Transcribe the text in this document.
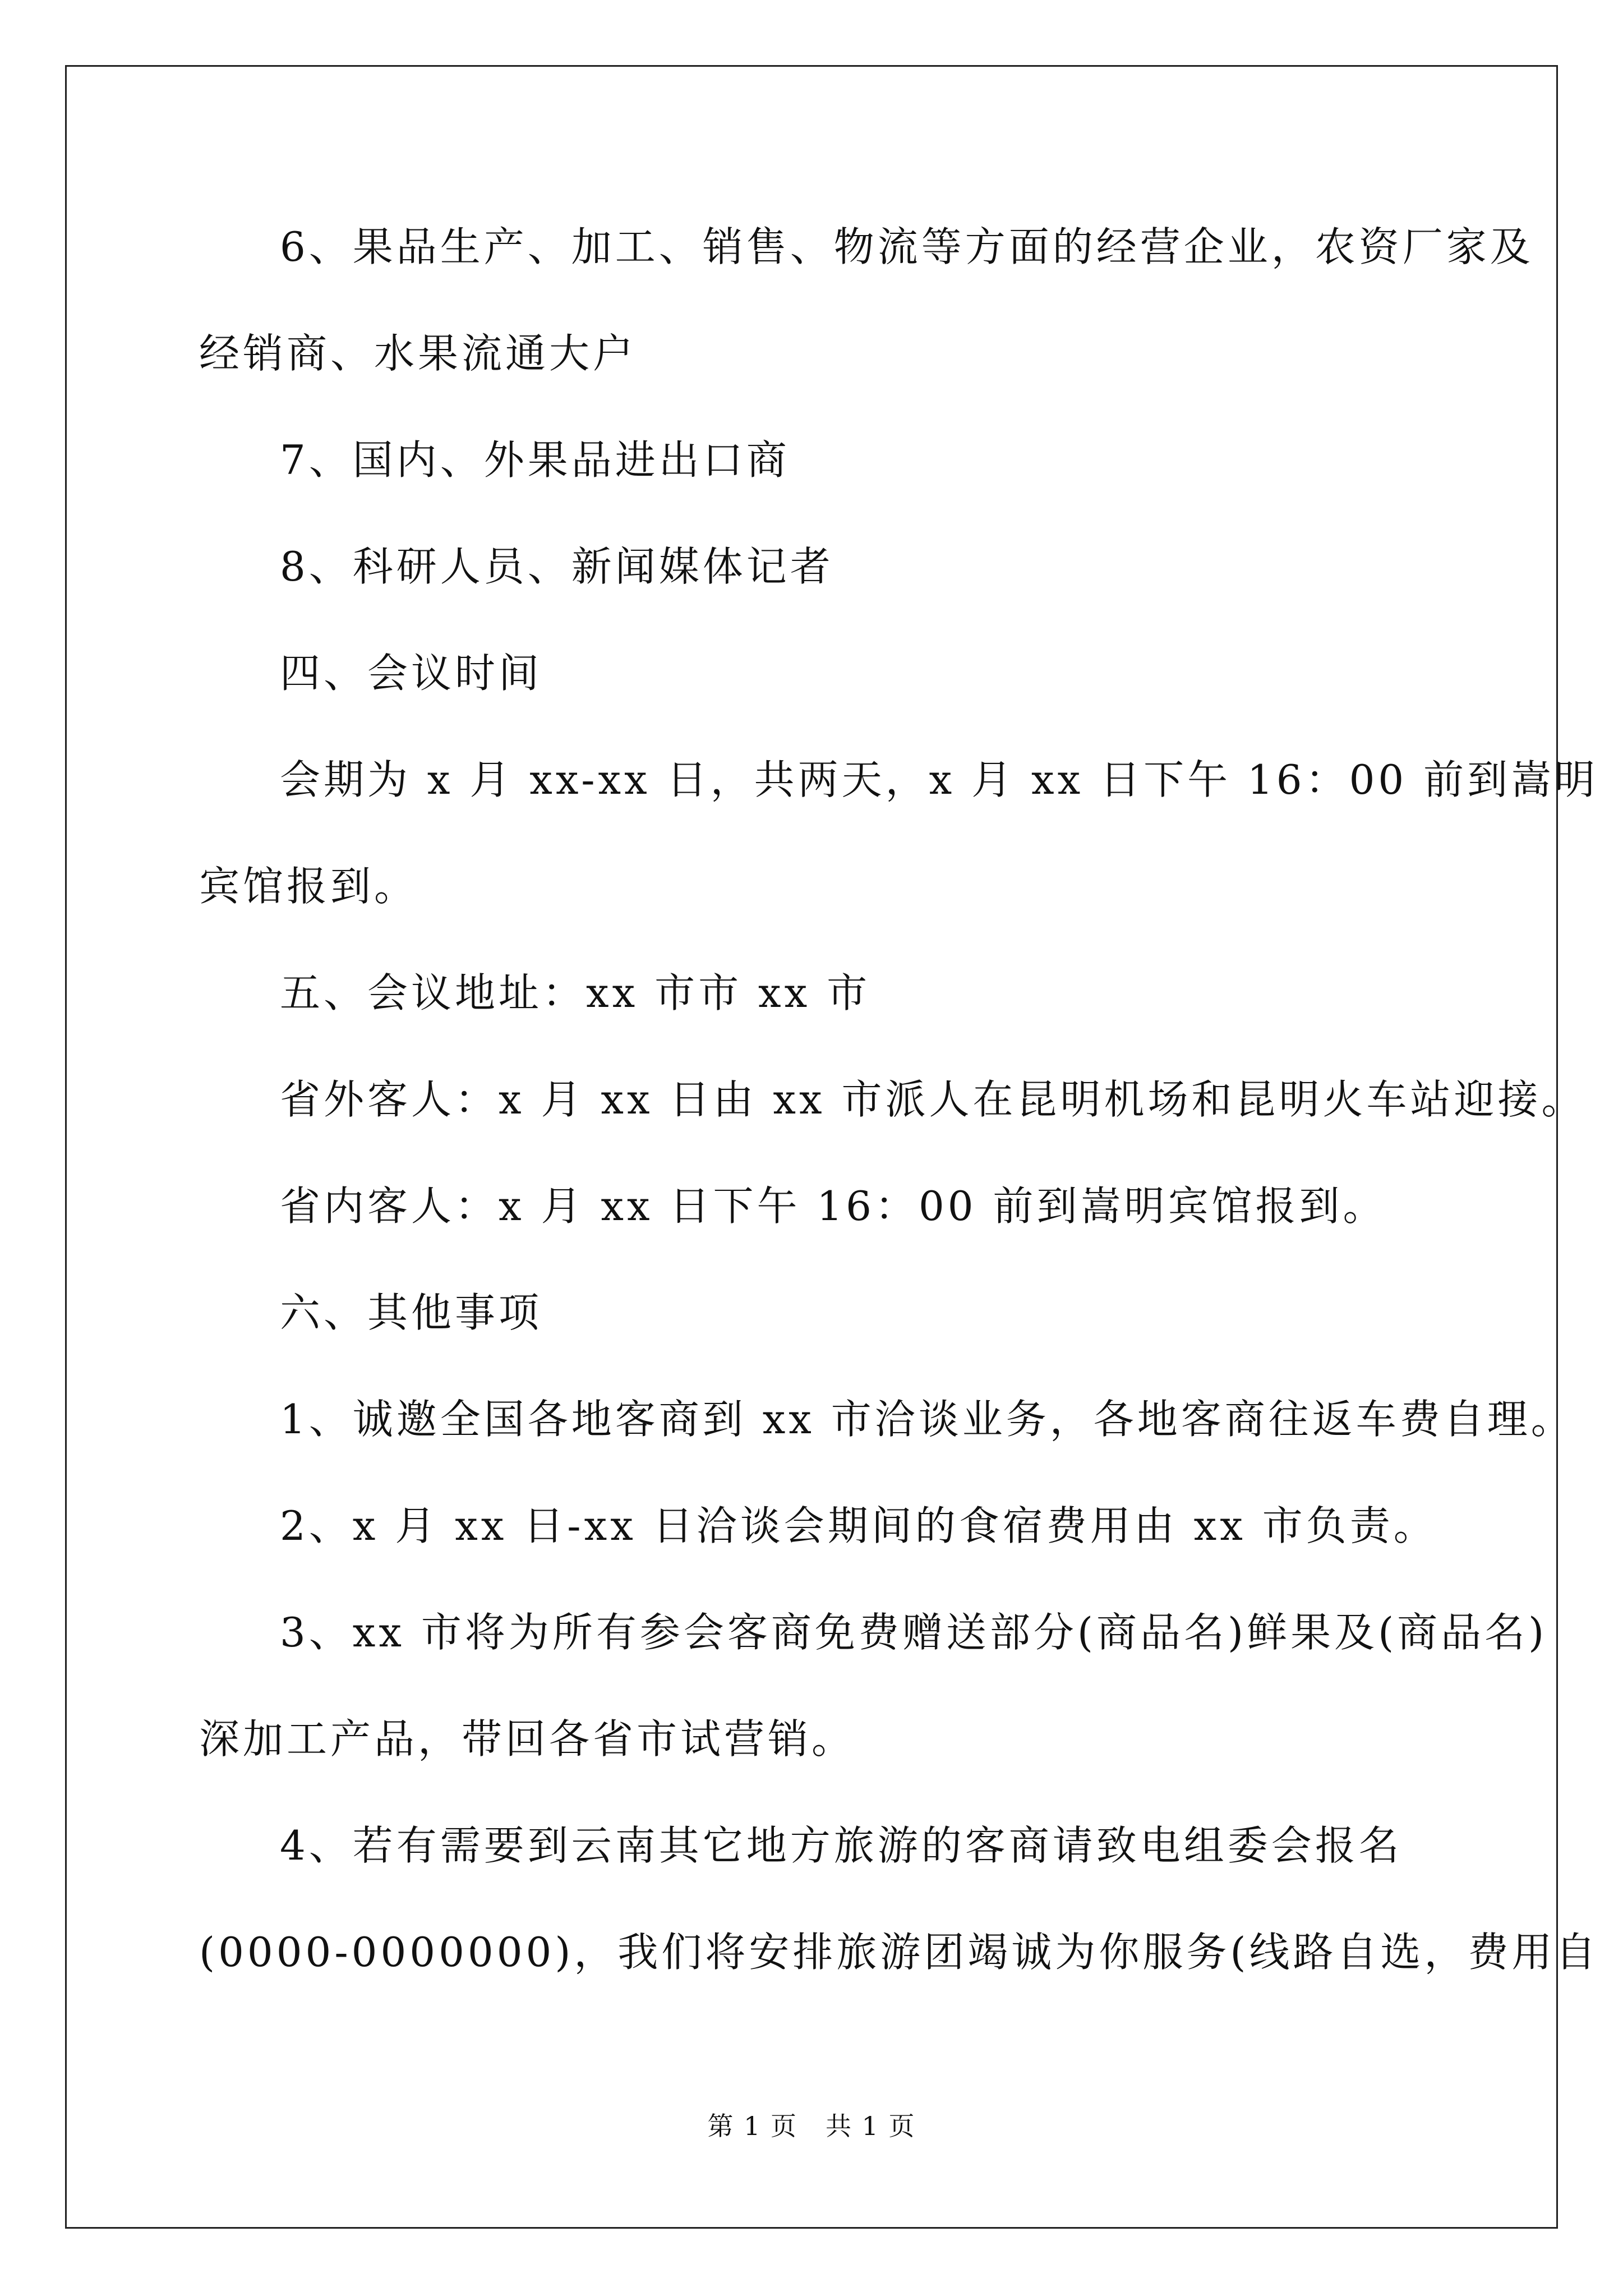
6、果品生产、加工、销售、物流等方面的经营企业，农资厂家及
经销商、水果流通大户
7、国内、外果品进出口商
8、科研人员、新闻媒体记者
四、会议时间
会期为 x 月 xx-xx 日，共两天，x 月 xx 日下午 16：00 前到嵩明
宾馆报到。
五、会议地址：xx 市市 xx 市
省外客人：x 月 xx 日由 xx 市派人在昆明机场和昆明火车站迎接。
省内客人：x 月 xx 日下午 16：00 前到嵩明宾馆报到。
六、其他事项
1、诚邀全国各地客商到 xx 市洽谈业务，各地客商往返车费自理。
2、x 月 xx 日-xx 日洽谈会期间的食宿费用由 xx 市负责。
3、xx 市将为所有参会客商免费赠送部分(商品名)鲜果及(商品名)
深加工产品，带回各省市试营销。
4、若有需要到云南其它地方旅游的客商请致电组委会报名
(0000-0000000)，我们将安排旅游团竭诚为你服务(线路自选，费用自
第 1 页 共 1 页
